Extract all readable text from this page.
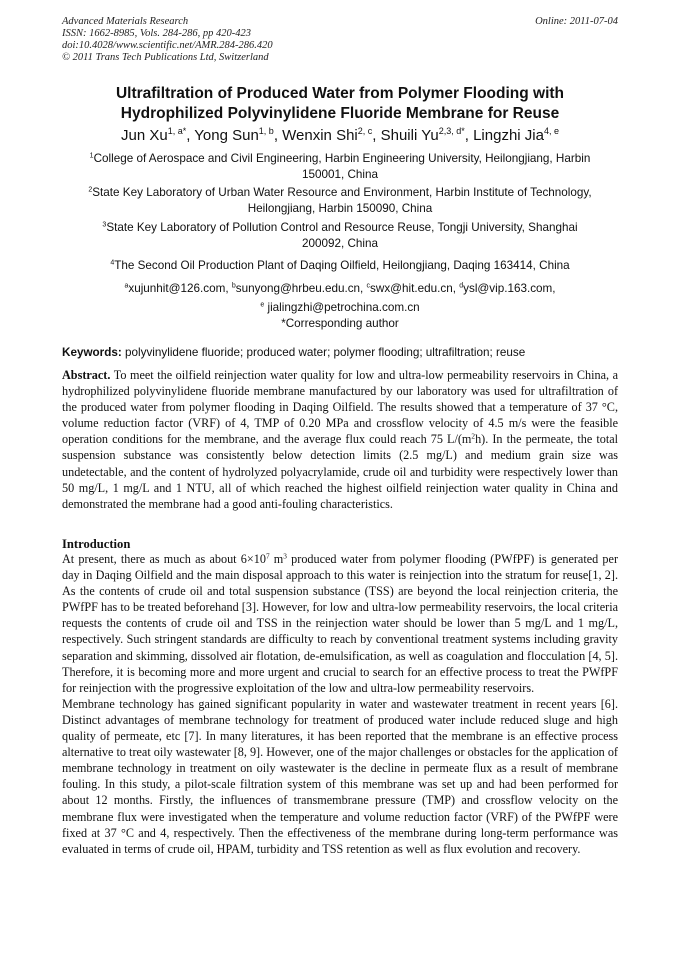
Advanced Materials Research
ISSN: 1662-8985, Vols. 284-286, pp 420-423
doi:10.4028/www.scientific.net/AMR.284-286.420
© 2011 Trans Tech Publications Ltd, Switzerland
Online: 2011-07-04
Ultrafiltration of Produced Water from Polymer Flooding with
Hydrophilized Polyvinylidene Fluoride Membrane for Reuse
Jun $Xu^{1, a*}$, Yong Sun$^{1, b}$, Wenxin Shi$^{2, c}$, Shuili $Yu^{2,3, d*}$, Lingzhi Jia$^{4, e}$
$^1$College of Aerospace and Civil Engineering, Harbin Engineering University, Heilongjiang, Harbin
150001, China
$^2$State Key Laboratory of Urban Water Resource and Environment, Harbin Institute of Technology,
Heilongjiang, Harbin 150090, China
$^3$State Key Laboratory of Pollution Control and Resource Reuse, Tongji University, Shanghai
200092, China
$^4$The Second Oil Production Plant of Daqing Oilfield, Heilongjiang, Daqing 163414, China
$^a$xujunhit@126.com, $^b$sunyong@hrbeu.edu.cn, $^c$swx@hit.edu.cn, $^d$ysl@vip.163.com,
$^e$ jialingzhi@petrochina.com.cn
*Corresponding author
Keywords: polyvinylidene fluoride; produced water; polymer flooding; ultrafiltration; reuse
Abstract. To meet the oilfield reinjection water quality for low and ultra-low permeability reservoirs in China, a hydrophilized polyvinylidene fluoride membrane manufactured by our laboratory was used for ultrafiltration of the produced water from polymer flooding in Daqing Oilfield. The results showed that a temperature of 37 °C, volume reduction factor (VRF) of 4, TMP of 0.20 MPa and crossflow velocity of 4.5 m/s were the feasible operation conditions for the membrane, and the average flux could reach 75 $L/(m^2h)$. In the permeate, the total suspension substance was consistently below detection limits (2.5 mg/L) and medium grain size was undetectable, and the content of hydrolyzed polyacrylamide, crude oil and turbidity were respectively lower than 50 mg/L, 1 mg/L and 1 NTU, all of which reached the highest oilfield reinjection water quality in China and demonstrated the membrane had a good anti-fouling characteristics.
Introduction
At present, there as much as about $6\times 10^7$ $m^3$ produced water from polymer flooding (PWfPF) is generated per day in Daqing Oilfield and the main disposal approach to this water is reinjection into the stratum for reuse[1, 2]. As the contents of crude oil and total suspension substance (TSS) are beyond the local reinjection criteria, the PWfPF has to be treated beforehand [3]. However, for low and ultra-low permeability reservoirs, the local criteria requests the contents of crude oil and TSS in the reinjection water should be lower than 5 mg/L and 1 mg/L, respectively. Such stringent standards are difficulty to reach by conventional treatment systems including gravity separation and skimming, dissolved air flotation, de-emulsification, as well as coagulation and flocculation [4, 5]. Therefore, it is becoming more and more urgent and crucial to search for an effective process to treat the PWfPF for reinjection with the progressive exploitation of the low and ultra-low permeability reservoirs.
Membrane technology has gained significant popularity in water and wastewater treatment in recent years [6]. Distinct advantages of membrane technology for treatment of produced water include reduced sluge and high quality of permeate, etc [7]. In many literatures, it has been reported that the membrane is an effective process alternative to treat oily wastewater [8, 9]. However, one of the major challenges or obstacles for the application of membrane technology in treatment on oily wastewater is the decline in permeate flux as a result of membrane fouling. In this study, a pilot-scale filtration system of this membrane was set up and had been performed for about 12 months. Firstly, the influences of transmembrane pressure (TMP) and crossflow velocity on the membrane flux were investigated when the temperature and volume reduction factor (VRF) of the PWfPF were fixed at 37 °C and 4, respectively. Then the effectiveness of the membrane during long-term performance was evaluated in terms of crude oil, HPAM, turbidity and TSS retention as well as flux evolution and recovery.
